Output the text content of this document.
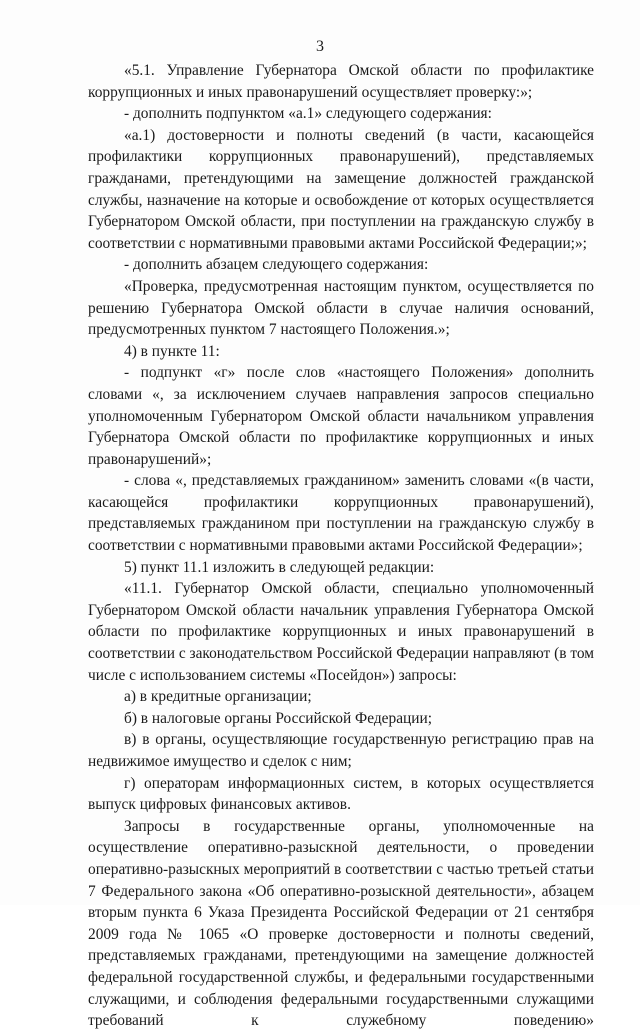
3

«5.1. Управление Губернатора Омской области по профилактике коррупционных и иных правонарушений осуществляет проверку:»;

- дополнить подпунктом «а.1» следующего содержания:

«а.1) достоверности и полноты сведений (в части, касающейся профилактики коррупционных правонарушений), представляемых гражданами, претендующими на замещение должностей гражданской службы, назначение на которые и освобождение от которых осуществляется Губернатором Омской области, при поступлении на гражданскую службу в соответствии с нормативными правовыми актами Российской Федерации;»;

- дополнить абзацем следующего содержания:

«Проверка, предусмотренная настоящим пунктом, осуществляется по решению Губернатора Омской области в случае наличия оснований, предусмотренных пунктом 7 настоящего Положения.»;

4) в пункте 11:

- подпункт «г» после слов «настоящего Положения» дополнить словами «, за исключением случаев направления запросов специально уполномоченным Губернатором Омской области начальником управления Губернатора Омской области по профилактике коррупционных и иных правонарушений»;

- слова «, представляемых гражданином» заменить словами «(в части, касающейся профилактики коррупционных правонарушений), представляемых гражданином при поступлении на гражданскую службу в соответствии с нормативными правовыми актами Российской Федерации»;

5) пункт 11.1 изложить в следующей редакции:

«11.1. Губернатор Омской области, специально уполномоченный Губернатором Омской области начальник управления Губернатора Омской области по профилактике коррупционных и иных правонарушений в соответствии с законодательством Российской Федерации направляют (в том числе с использованием системы «Посейдон») запросы:

а) в кредитные организации;

б) в налоговые органы Российской Федерации;

в) в органы, осуществляющие государственную регистрацию прав на недвижимое имущество и сделок с ним;

г) операторам информационных систем, в которых осуществляется выпуск цифровых финансовых активов.

Запросы в государственные органы, уполномоченные на осуществление оперативно-разыскной деятельности, о проведении оперативно-разыскных мероприятий в соответствии с частью третьей статьи 7 Федерального закона «Об оперативно-розыскной деятельности», абзацем вторым пункта 6 Указа Президента Российской Федерации от 21 сентября 2009 года № 1065 «О проверке достоверности и полноты сведений, представляемых гражданами, претендующими на замещение должностей федеральной государственной службы, и федеральными государственными служащими, и соблюдения федеральными государственными служащими требований к служебному поведению»
